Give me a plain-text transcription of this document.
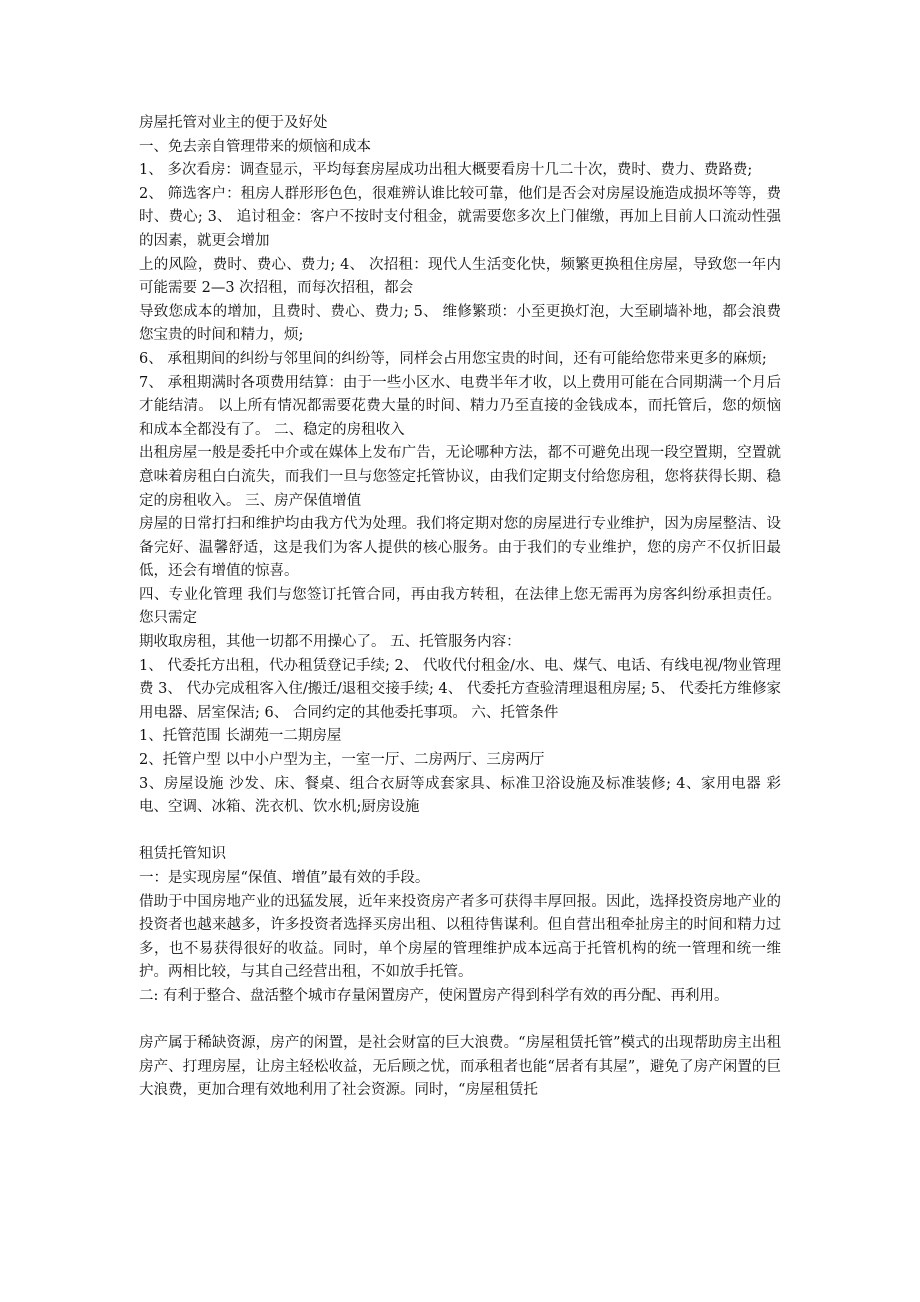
房屋托管对业主的便于及好处
一、免去亲自管理带来的烦恼和成本
1、 多次看房：调查显示，平均每套房屋成功出租大概要看房十几二十次，费时、费力、费路费;
2、 筛选客户：租房人群形形色色，很难辨认谁比较可靠，他们是否会对房屋设施造成损坏等等，费时、费心; 3、 追讨租金：客户不按时支付租金，就需要您多次上门催缴，再加上目前人口流动性强的因素，就更会增加
上的风险，费时、费心、费力; 4、 次招租：现代人生活变化快，频繁更换租住房屋，导致您一年内可能需要 2—3 次招租，而每次招租，都会
导致您成本的增加，且费时、费心、费力; 5、 维修繁琐：小至更换灯泡，大至刷墙补地，都会浪费您宝贵的时间和精力，烦;
6、 承租期间的纠纷与邻里间的纠纷等，同样会占用您宝贵的时间，还有可能给您带来更多的麻烦;
7、 承租期满时各项费用结算：由于一些小区水、电费半年才收，以上费用可能在合同期满一个月后才能结清。 以上所有情况都需要花费大量的时间、精力乃至直接的金钱成本，而托管后，您的烦恼和成本全都没有了。 二、稳定的房租收入
出租房屋一般是委托中介或在媒体上发布广告，无论哪种方法，都不可避免出现一段空置期，空置就意味着房租白白流失，而我们一旦与您签定托管协议，由我们定期支付给您房租，您将获得长期、稳定的房租收入。 三、房产保值增值
房屋的日常打扫和维护均由我方代为处理。我们将定期对您的房屋进行专业维护，因为房屋整洁、设备完好、温馨舒适，这是我们为客人提供的核心服务。由于我们的专业维护，您的房产不仅折旧最低，还会有增值的惊喜。
四、专业化管理 我们与您签订托管合同，再由我方转租，在法律上您无需再为房客纠纷承担责任。您只需定
期收取房租，其他一切都不用操心了。 五、托管服务内容：
1、 代委托方出租，代办租赁登记手续; 2、 代收代付租金/水、电、煤气、电话、有线电视/物业管理费 3、 代办完成租客入住/搬迁/退租交接手续; 4、 代委托方查验清理退租房屋; 5、 代委托方维修家用电器、居室保洁; 6、 合同约定的其他委托事项。 六、托管条件
1、托管范围 长湖苑一二期房屋
2、托管户型 以中小户型为主，一室一厅、二房两厅、三房两厅
3、房屋设施 沙发、床、餐桌、组合衣厨等成套家具、标准卫浴设施及标准装修; 4、家用电器 彩电、空调、冰箱、洗衣机、饮水机;厨房设施
租赁托管知识
一：是实现房屋“保值、增值”最有效的手段。
借助于中国房地产业的迅猛发展，近年来投资房产者多可获得丰厚回报。因此，选择投资房地产业的投资者也越来越多，许多投资者选择买房出租、以租待售谋利。但自营出租牵扯房主的时间和精力过多，也不易获得很好的收益。同时，单个房屋的管理维护成本远高于托管机构的统一管理和统一维护。两相比较，与其自己经营出租，不如放手托管。
二: 有利于整合、盘活整个城市存量闲置房产，使闲置房产得到科学有效的再分配、再利用。
房产属于稀缺资源，房产的闲置，是社会财富的巨大浪费。“房屋租赁托管”模式的出现帮助房主出租房产、打理房屋，让房主轻松收益，无后顾之忧，而承租者也能“居者有其屋”，避免了房产闲置的巨大浪费，更加合理有效地利用了社会资源。同时，“房屋租赁托
